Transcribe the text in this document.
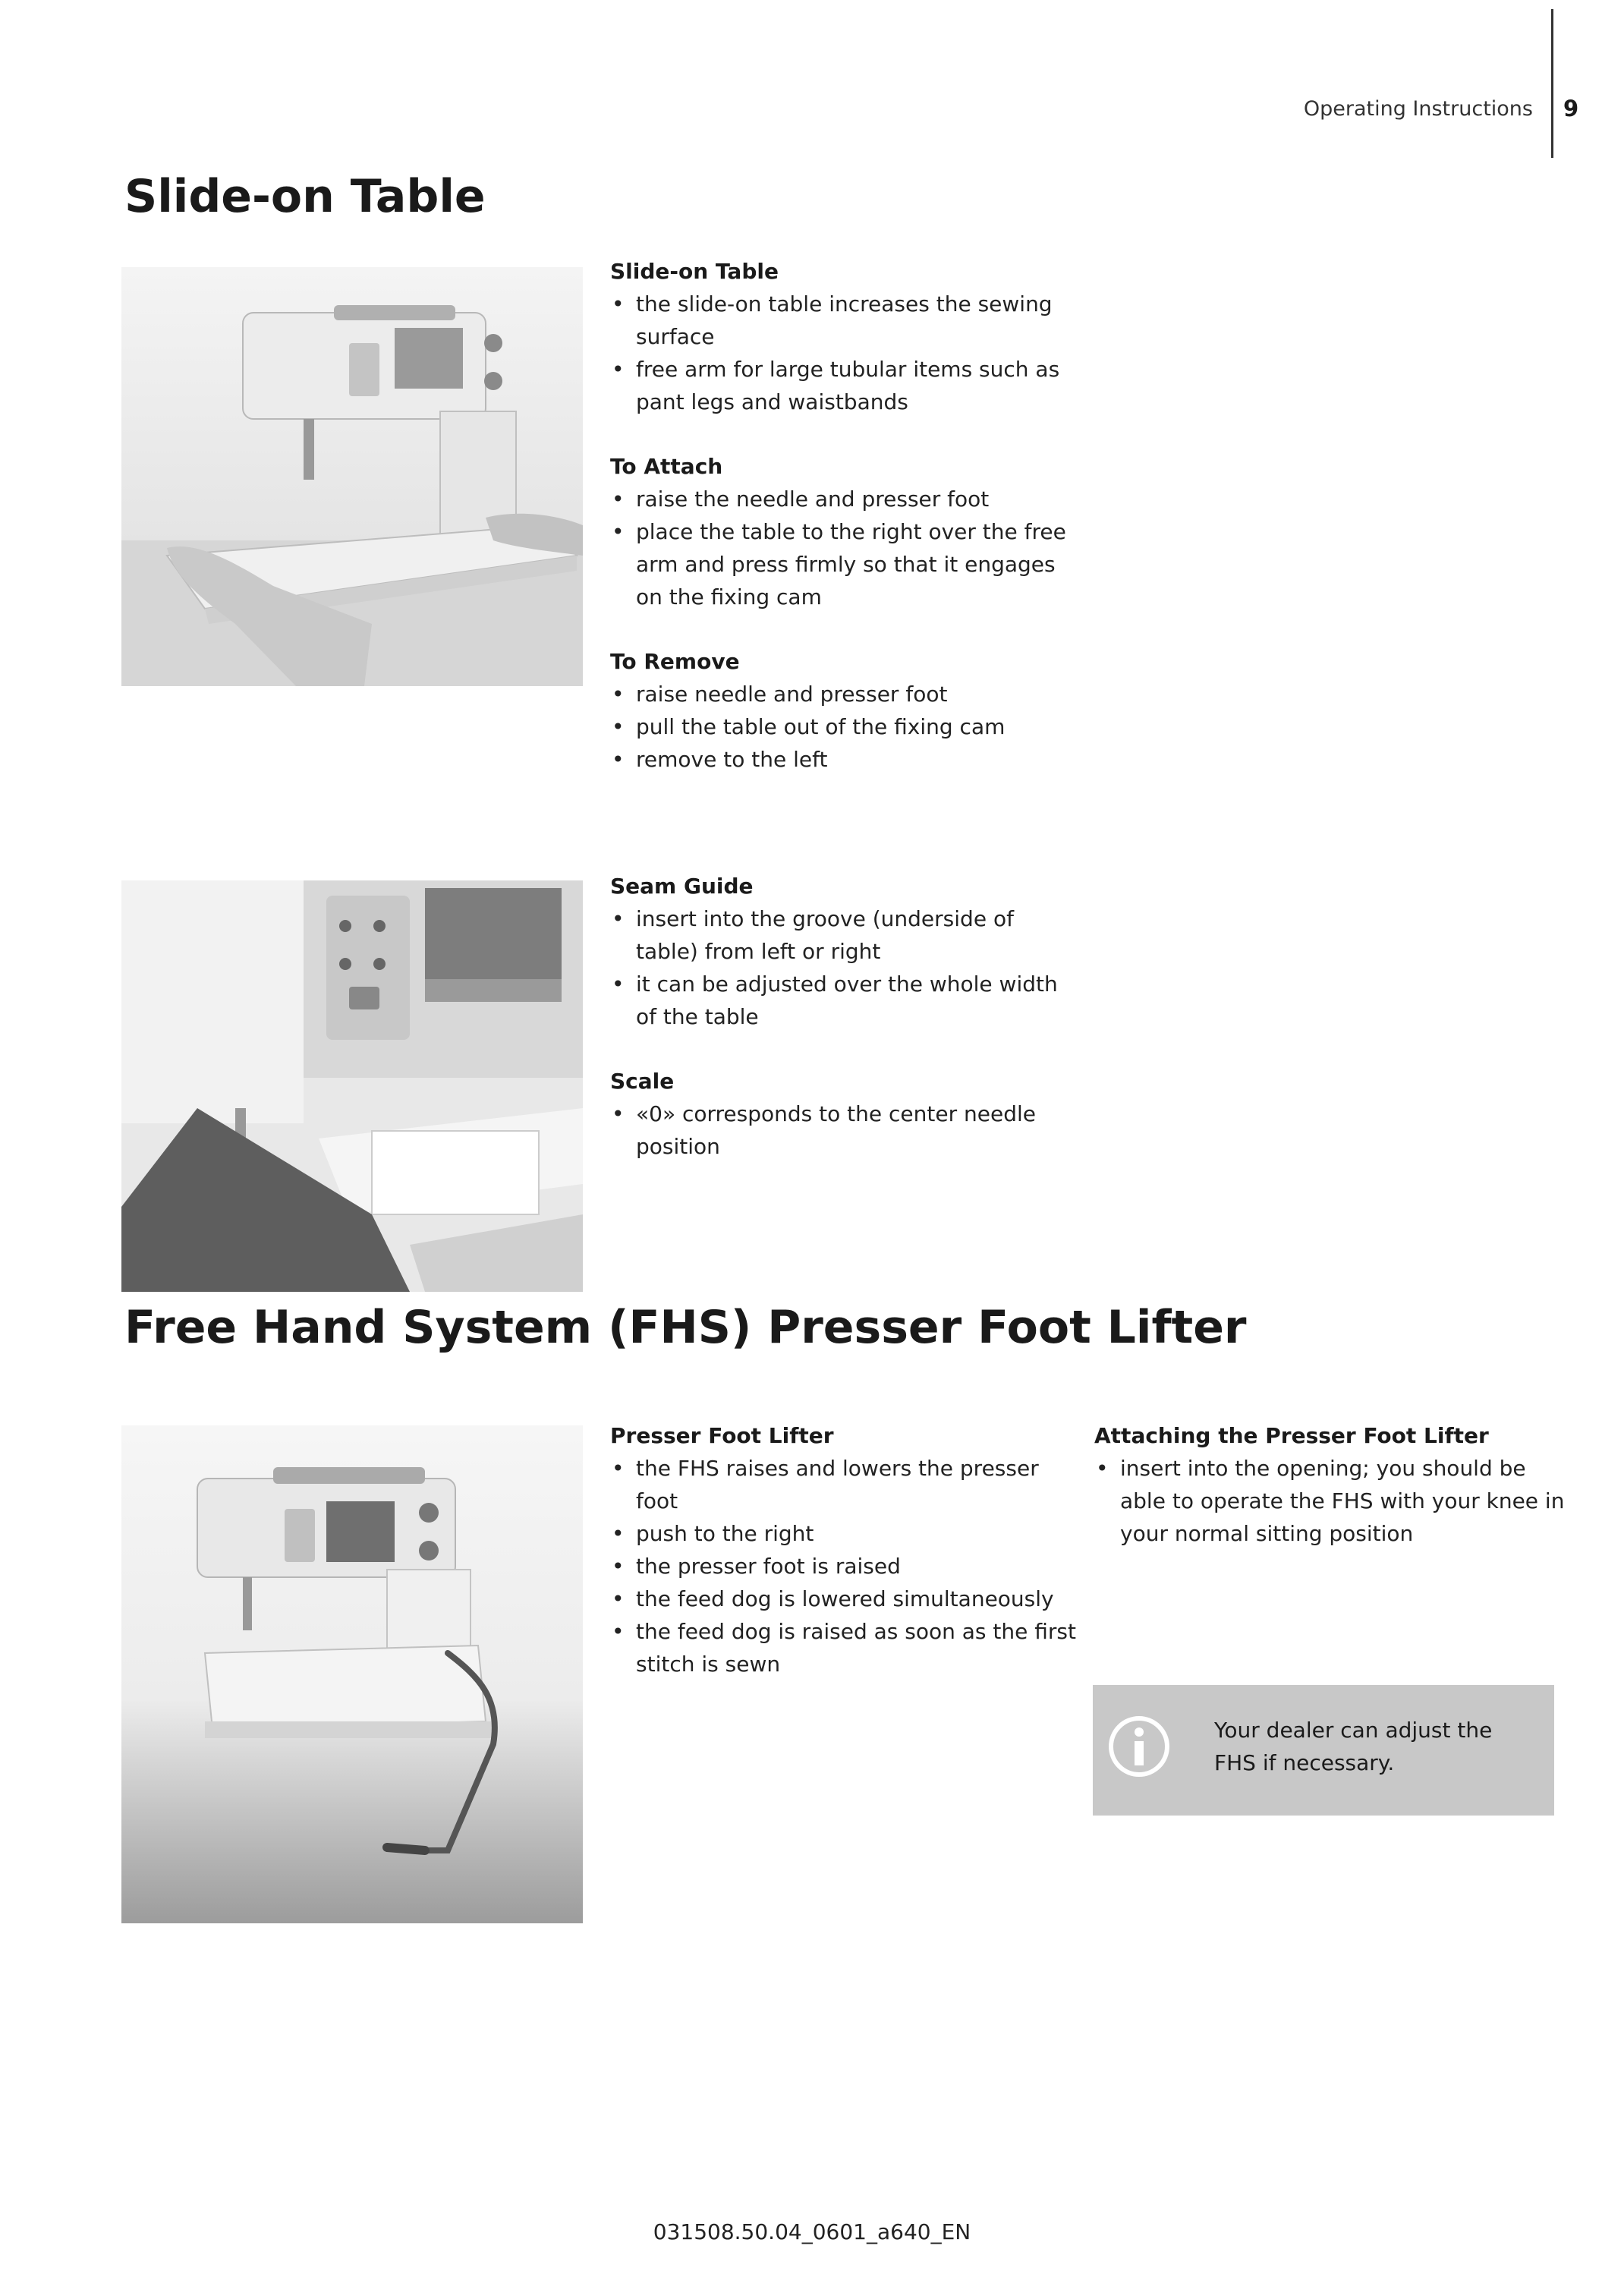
Operating Instructions 9
Slide-on Table
Slide-on Table
• the slide-on table increases the sewing surface
• free arm for large tubular items such as pant legs and waistbands
To Attach
• raise the needle and presser foot
• place the table to the right over the free arm and press firmly so that it engages on the fixing cam
To Remove
• raise needle and presser foot
• pull the table out of the fixing cam
• remove to the left
Seam Guide
• insert into the groove (underside of table) from left or right
• it can be adjusted over the whole width of the table
Scale
• «0» corresponds to the center needle position
Free Hand System (FHS) Presser Foot Lifter
Presser Foot Lifter
• the FHS raises and lowers the presser foot
• push to the right
• the presser foot is raised
• the feed dog is lowered simultaneously
• the feed dog is raised as soon as the first stitch is sewn
Attaching the Presser Foot Lifter
• insert into the opening; you should be able to operate the FHS with your knee in your normal sitting position
Your dealer can adjust the FHS if necessary.
031508.50.04_0601_a640_EN
